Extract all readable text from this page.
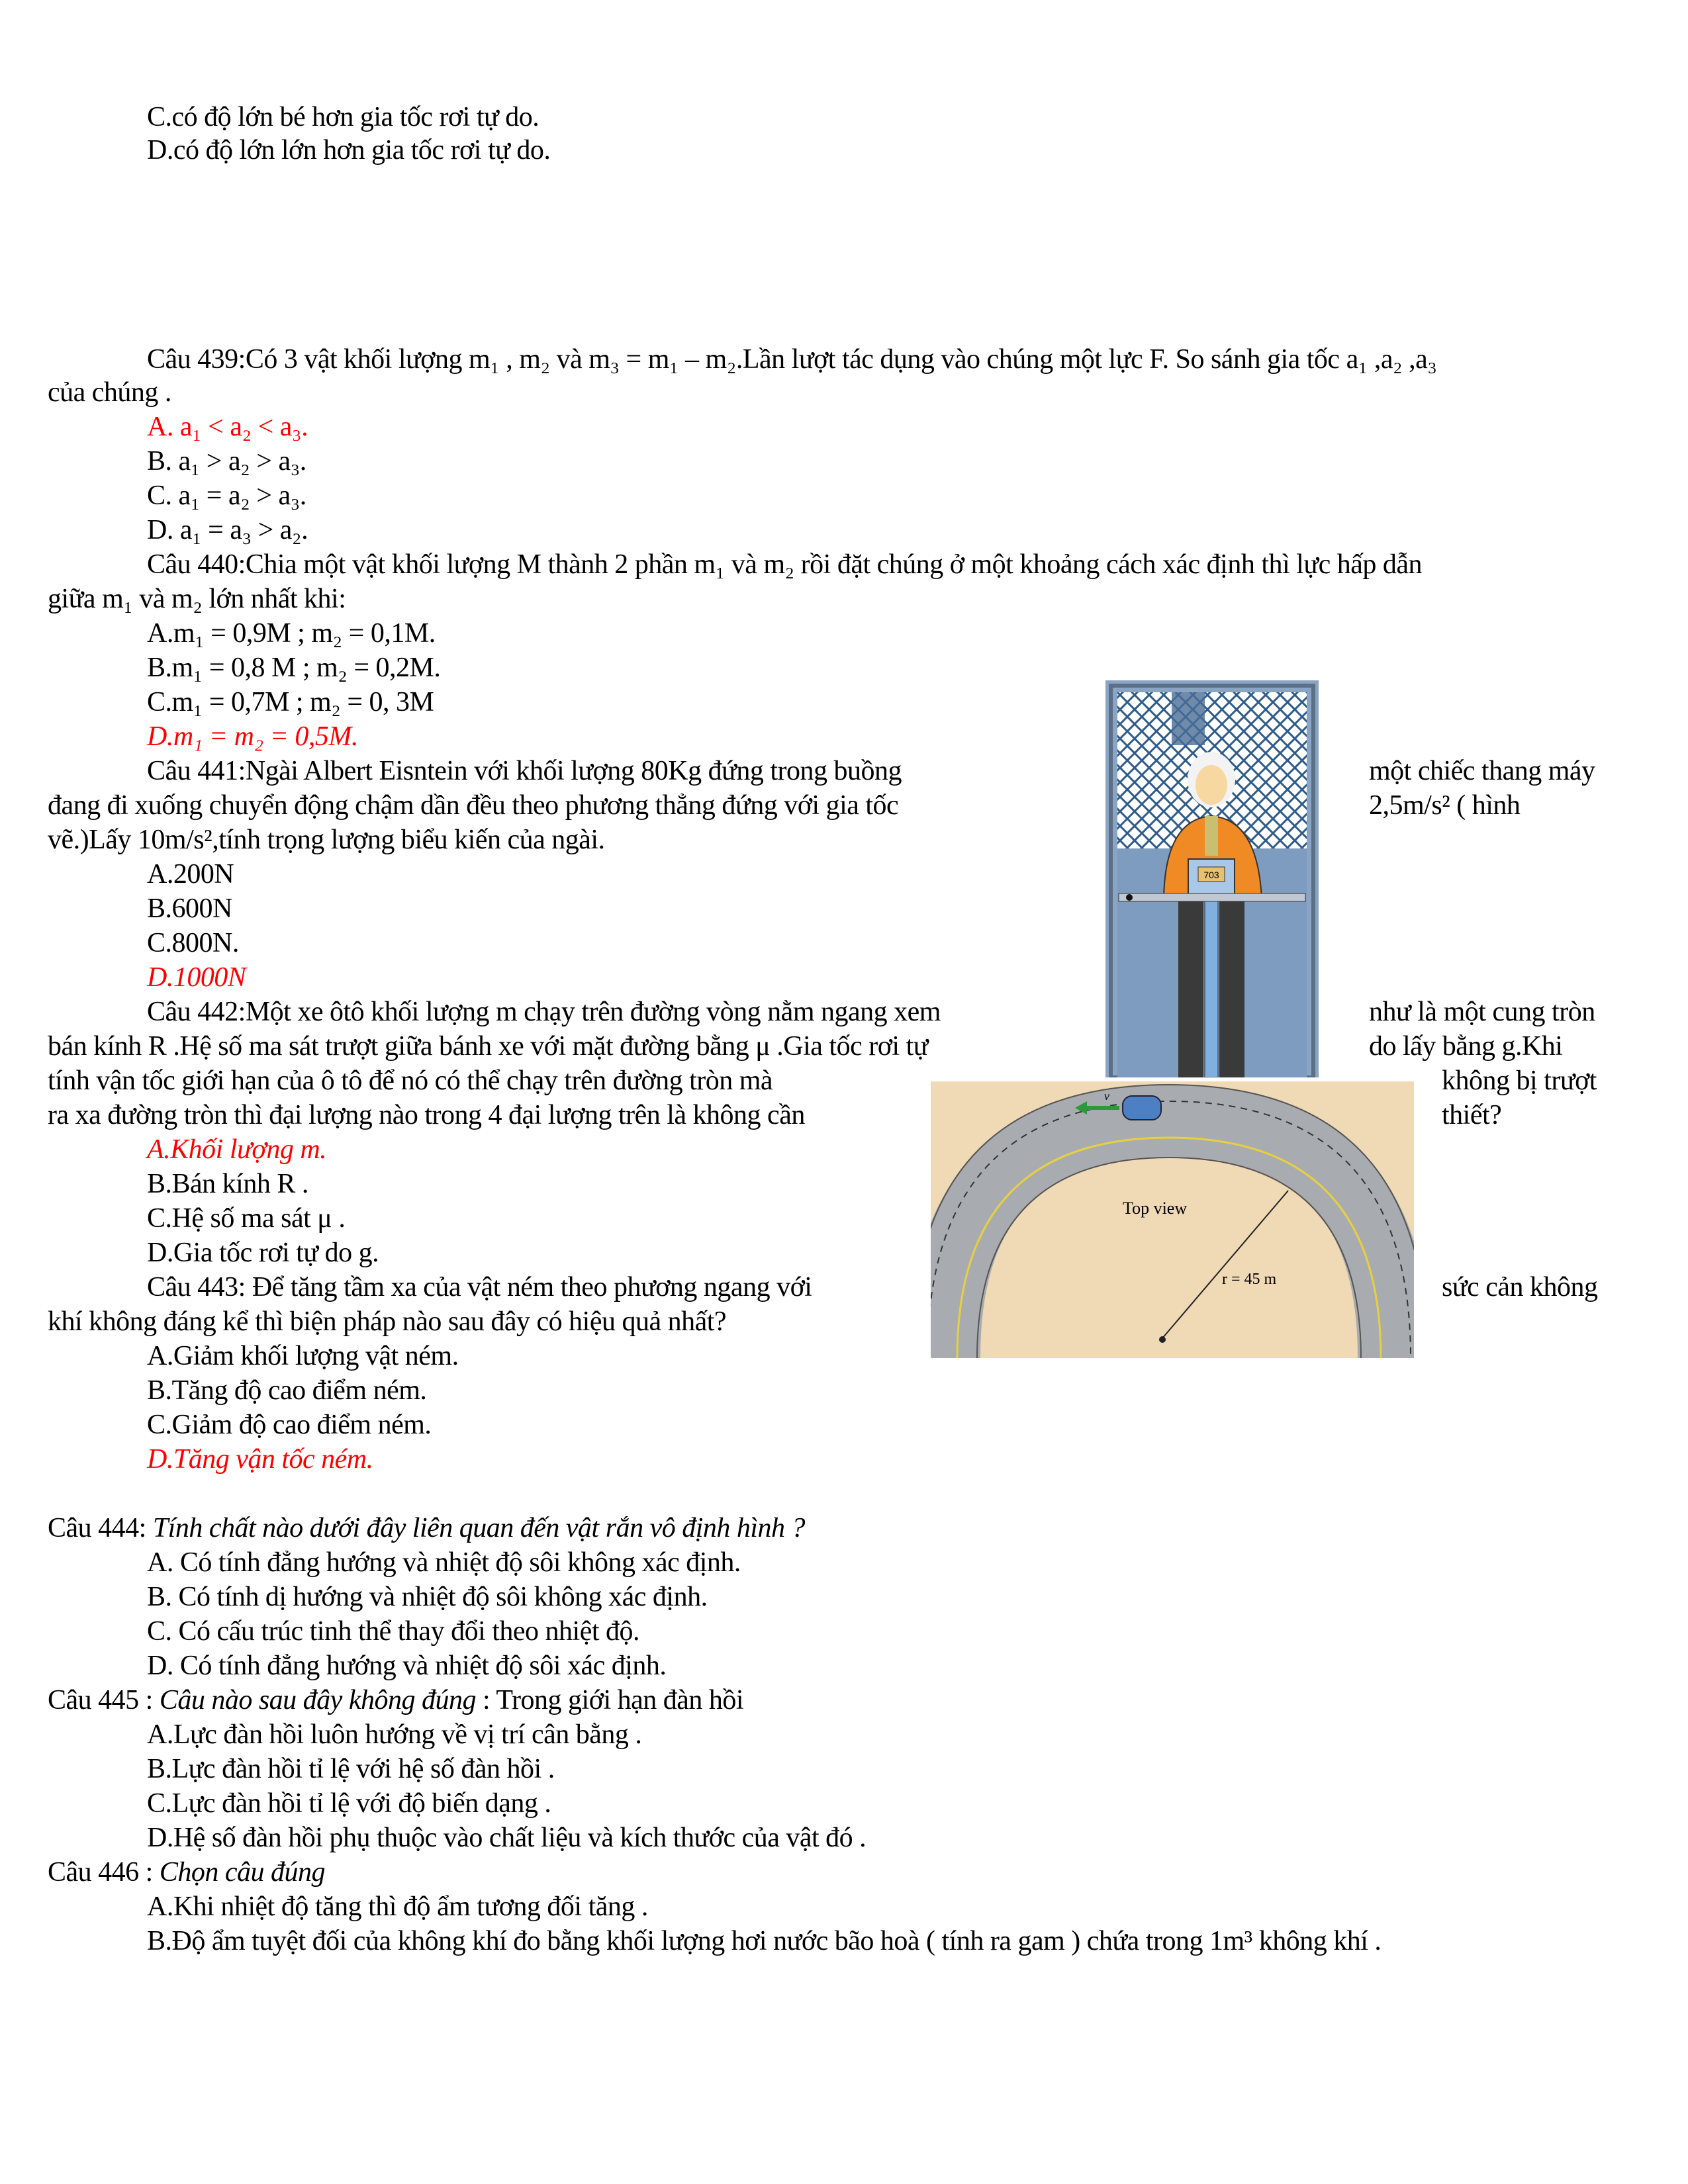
C.có độ lớn bé hơn gia tốc rơi tự do.
D.có độ lớn lớn hơn gia tốc rơi tự do.
Câu 439:Có 3 vật khối lượng m₁ , m₂ và m₃ = m₁ – m₂.Lần lượt tác dụng vào chúng một lực F. So sánh gia tốc a₁ ,a₂ ,a₃
của chúng .
A. a₁ < a₂ < a₃.
B. a₁ > a₂ > a₃.
C. a₁ = a₂ > a₃.
D. a₁ = a₃ > a₂.
Câu 440:Chia một vật khối lượng M thành 2 phần m₁ và m₂ rồi đặt chúng ở một khoảng cách xác định thì lực hấp dẫn
giữa m₁ và m₂ lớn nhất khi:
A.m₁ = 0,9M ; m₂ = 0,1M.
B.m₁ = 0,8 M ; m₂ = 0,2M.
C.m₁ = 0,7M ; m₂ = 0, 3M
D.m₁ = m₂ = 0,5M.
Câu 441:Ngài Albert Eisntein với khối lượng 80Kg đứng trong buồng
đang đi xuống chuyển động chậm dần đều theo phương thẳng đứng với gia tốc
vẽ.)Lấy 10m/s²,tính trọng lượng biểu kiến của ngài.
một chiếc thang máy
2,5m/s² ( hình
A.200N
B.600N
C.800N.
D.1000N
703
Câu 442:Một xe ôtô khối lượng m chạy trên đường vòng nằm ngang xem
bán kính R .Hệ số ma sát trượt giữa bánh xe với mặt đường bằng μ .Gia tốc rơi tự
tính vận tốc giới hạn của ô tô để nó có thể chạy trên đường tròn mà
ra xa đường tròn thì đại lượng nào trong 4 đại lượng trên là không cần
như là một cung tròn
do lấy bằng g.Khi
không bị trượt
thiết?
A.Khối lượng m.
B.Bán kính R .
C.Hệ số ma sát μ .
D.Gia tốc rơi tự do g.
v
Top view
r = 45 m
Câu 443: Để tăng tầm xa của vật ném theo phương ngang với	sức cản không
khí không đáng kể thì biện pháp nào sau đây có hiệu quả nhất?
A.Giảm khối lượng vật ném.
B.Tăng độ cao điểm ném.
C.Giảm độ cao điểm ném.
D.Tăng vận tốc ném.
Câu 444: Tính chất nào dưới đây liên quan đến vật rắn vô định hình ?
A. Có tính đẳng hướng và nhiệt độ sôi không xác định.
B. Có tính dị hướng và nhiệt độ sôi không xác định.
C. Có cấu trúc tinh thể thay đổi theo nhiệt độ.
D. Có tính đẳng hướng và nhiệt độ sôi xác định.
Câu 445 : Câu nào sau đây không đúng : Trong giới hạn đàn hồi
A.Lực đàn hồi luôn hướng về vị trí cân bằng .
B.Lực đàn hồi tỉ lệ với hệ số đàn hồi .
C.Lực đàn hồi tỉ lệ với độ biến dạng .
D.Hệ số đàn hồi phụ thuộc vào chất liệu và kích thước của vật đó .
Câu 446 : Chọn câu đúng
A.Khi nhiệt độ tăng thì độ ẩm tương đối tăng .
B.Độ ẩm tuyệt đối của không khí đo bằng khối lượng hơi nước bão hoà ( tính ra gam ) chứa trong 1m³ không khí .
